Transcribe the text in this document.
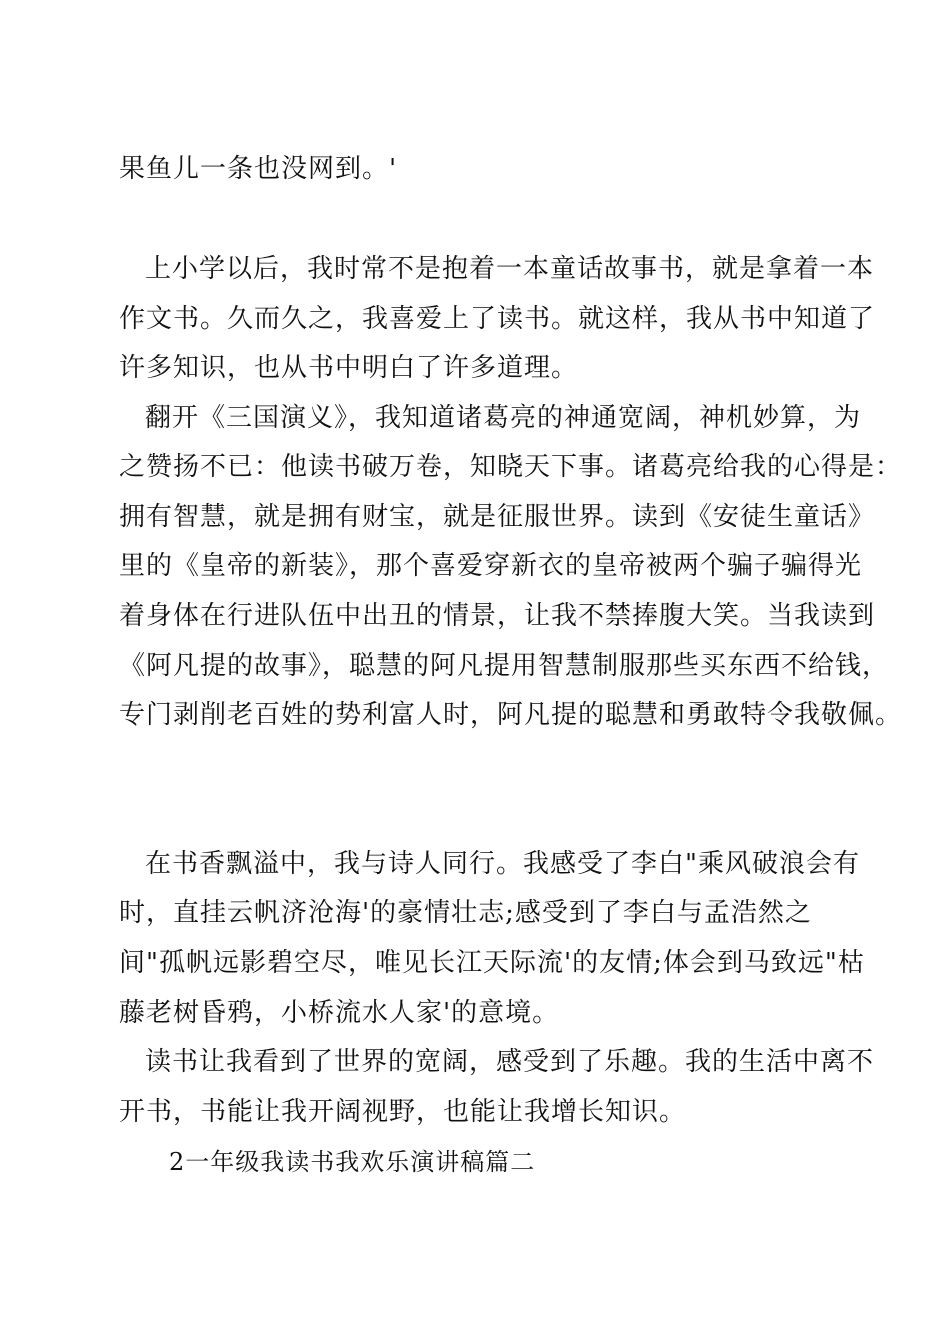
果鱼儿一条也没网到。'
上小学以后，我时常不是抱着一本童话故事书，就是拿着一本
作文书。久而久之，我喜爱上了读书。就这样，我从书中知道了
许多知识，也从书中明白了许多道理。
翻开《三国演义》，我知道诸葛亮的神通宽阔，神机妙算，为
之赞扬不已：他读书破万卷，知晓天下事。诸葛亮给我的心得是：
拥有智慧，就是拥有财宝，就是征服世界。读到《安徒生童话》
里的《皇帝的新装》，那个喜爱穿新衣的皇帝被两个骗子骗得光
着身体在行进队伍中出丑的情景，让我不禁捧腹大笑。当我读到
《阿凡提的故事》，聪慧的阿凡提用智慧制服那些买东西不给钱，
专门剥削老百姓的势利富人时，阿凡提的聪慧和勇敢特令我敬佩。
在书香飘溢中，我与诗人同行。我感受了李白"乘风破浪会有
时，直挂云帆济沧海'的豪情壮志;感受到了李白与孟浩然之
间"孤帆远影碧空尽，唯见长江天际流'的友情;体会到马致远"枯
藤老树昏鸦，小桥流水人家'的意境。
读书让我看到了世界的宽阔，感受到了乐趣。我的生活中离不
开书，书能让我开阔视野，也能让我增长知识。
2一年级我读书我欢乐演讲稿篇二
